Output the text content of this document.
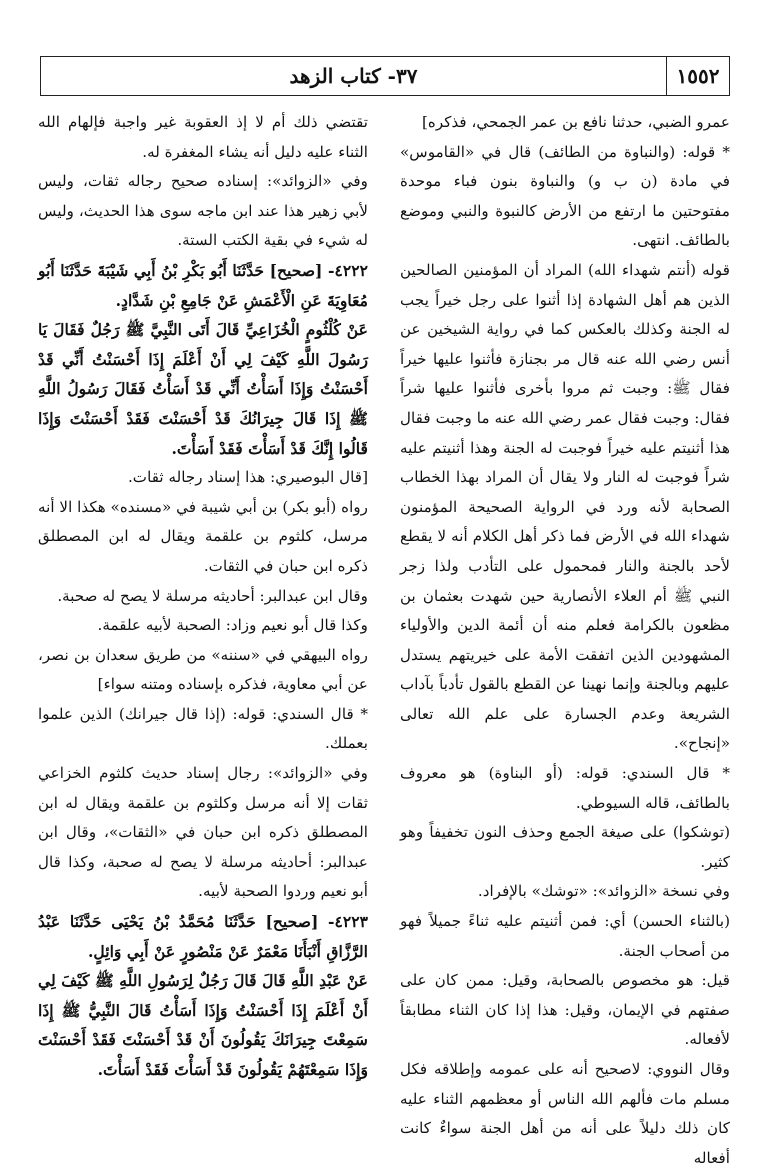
١٥٥٢
٣٧- كتاب الزهد

عمرو الضبي، حدثنا نافع بن عمر الجمحي، فذكره]

* قوله: (والنباوة من الطائف) قال في «القاموس» في مادة (ن ب و) والنباوة بنون فباء موحدة مفتوحتين ما ارتفع من الأرض كالنبوة والنبي وموضع بالطائف. انتهى.

قوله (أنتم شهداء الله) المراد أن المؤمنين الصالحين الذين هم أهل الشهادة إذا أثنوا على رجل خيراً يجب له الجنة وكذلك بالعكس كما في رواية الشيخين عن أنس رضي الله عنه قال مر بجنازة فأثنوا عليها خيراً فقال ﷺ: وجبت ثم مروا بأخرى فأثنوا عليها شراً فقال: وجبت فقال عمر رضي الله عنه ما وجبت فقال هذا أثنيتم عليه خيراً فوجبت له الجنة وهذا أثنيتم عليه شراً فوجبت له النار ولا يقال أن المراد بهذا الخطاب الصحابة لأنه ورد في الرواية الصحيحة المؤمنون شهداء الله في الأرض فما ذكر أهل الكلام أنه لا يقطع لأحد بالجنة والنار فمحمول على التأدب ولذا زجر النبي ﷺ أم العلاء الأنصارية حين شهدت بعثمان بن مظعون بالكرامة فعلم منه أن أئمة الدين والأولياء المشهودين الذين اتفقت الأمة على خيريتهم يستدل عليهم وبالجنة وإنما نهينا عن القطع بالقول تأدباً بآداب الشريعة وعدم الجسارة على علم الله تعالى «إنجاح».

* قال السندي: قوله: (أو البناوة) هو معروف بالطائف، قاله السيوطي.

(توشكوا) على صيغة الجمع وحذف النون تخفيفاً وهو كثير.

وفي نسخة «الزوائد»: «توشك» بالإفراد.

(بالثناء الحسن) أي: فمن أثنيتم عليه ثناءً جميلاً فهو من أصحاب الجنة.

قيل: هو مخصوص بالصحابة، وقيل: ممن كان على صفتهم في الإيمان، وقيل: هذا إذا كان الثناء مطابقاً لأفعاله.

وقال النووي: لاصحيح أنه على عمومه وإطلاقه فكل مسلم مات فألهم الله الناس أو معظمهم الثناء عليه كان ذلك دليلاً على أنه من أهل الجنة سواءٌ كانت أفعاله

تقتضي ذلك أم لا إذ العقوبة غير واجبة فإلهام الله الثناء عليه دليل أنه يشاء المغفرة له.

وفي «الزوائد»: إسناده صحيح رجاله ثقات، وليس لأبي زهير هذا عند ابن ماجه سوى هذا الحديث، وليس له شيء في بقية الكتب الستة.

٤٢٢٢- [صحيح] حَدَّثَنَا أَبُو بَكْرِ بْنُ أَبِي شَيْبَةَ حَدَّثَنَا أَبُو مُعَاوِيَةَ عَنِ الْأَعْمَشِ عَنْ جَامِعِ بْنِ شَدَّادٍ.

عَنْ كُلْثُومٍ الْخُزَاعِيِّ قَالَ أَتَى النَّبِيَّ ﷺ رَجُلٌ فَقَالَ يَا رَسُولَ اللَّهِ كَيْفَ لِي أَنْ أَعْلَمَ إِذَا أَحْسَنْتُ أَنِّي قَدْ أَحْسَنْتُ وَإِذَا أَسَأْتُ أَنِّي قَدْ أَسَأْتُ فَقَالَ رَسُولُ اللَّهِ ﷺ إِذَا قَالَ جِيرَانُكَ قَدْ أَحْسَنْتَ فَقَدْ أَحْسَنْتَ وَإِذَا قَالُوا إِنَّكَ قَدْ أَسَأْتَ فَقَدْ أَسَأْتَ.

[قال البوصيري: هذا إسناد رجاله ثقات.

رواه (أبو بكر) بن أبي شيبة في «مسنده» هكذا الا أنه مرسل، كلثوم بن علقمة ويقال له ابن المصطلق ذكره ابن حبان في الثقات.

وقال ابن عبدالبر: أحاديثه مرسلة لا يصح له صحبة.

وكذا قال أبو نعيم وزاد: الصحبة لأبيه علقمة.

رواه البيهقي في «سننه» من طريق سعدان بن نصر، عن أبي معاوية، فذكره بإسناده ومتنه سواء]

* قال السندي: قوله: (إذا قال جيرانك) الذين علموا بعملك.

وفي «الزوائد»: رجال إسناد حديث كلثوم الخزاعي ثقات إلا أنه مرسل وكلثوم بن علقمة ويقال له ابن المصطلق ذكره ابن حبان في «الثقات»، وقال ابن عبدالبر: أحاديثه مرسلة لا يصح له صحبة، وكذا قال أبو نعيم وردوا الصحبة لأبيه.

٤٢٢٣- [صحيح] حَدَّثَنَا مُحَمَّدُ بْنُ يَحْيَى حَدَّثَنَا عَبْدُ الرَّزَّاقِ أَنْبَأَنَا مَعْمَرٌ عَنْ مَنْصُورٍ عَنْ أَبِي وَائِلٍ.

عَنْ عَبْدِ اللَّهِ قَالَ قَالَ رَجُلٌ لِرَسُولِ اللَّهِ ﷺ كَيْفَ لِي أَنْ أَعْلَمَ إِذَا أَحْسَنْتُ وَإِذَا أَسَأْتُ قَالَ النَّبِيُّ ﷺ إِذَا سَمِعْتَ جِيرَانَكَ يَقُولُونَ أَنْ قَدْ أَحْسَنْتَ فَقَدْ أَحْسَنْتَ وَإِذَا سَمِعْتَهُمْ يَقُولُونَ قَدْ أَسَأْتَ فَقَدْ أَسَأْتَ.
